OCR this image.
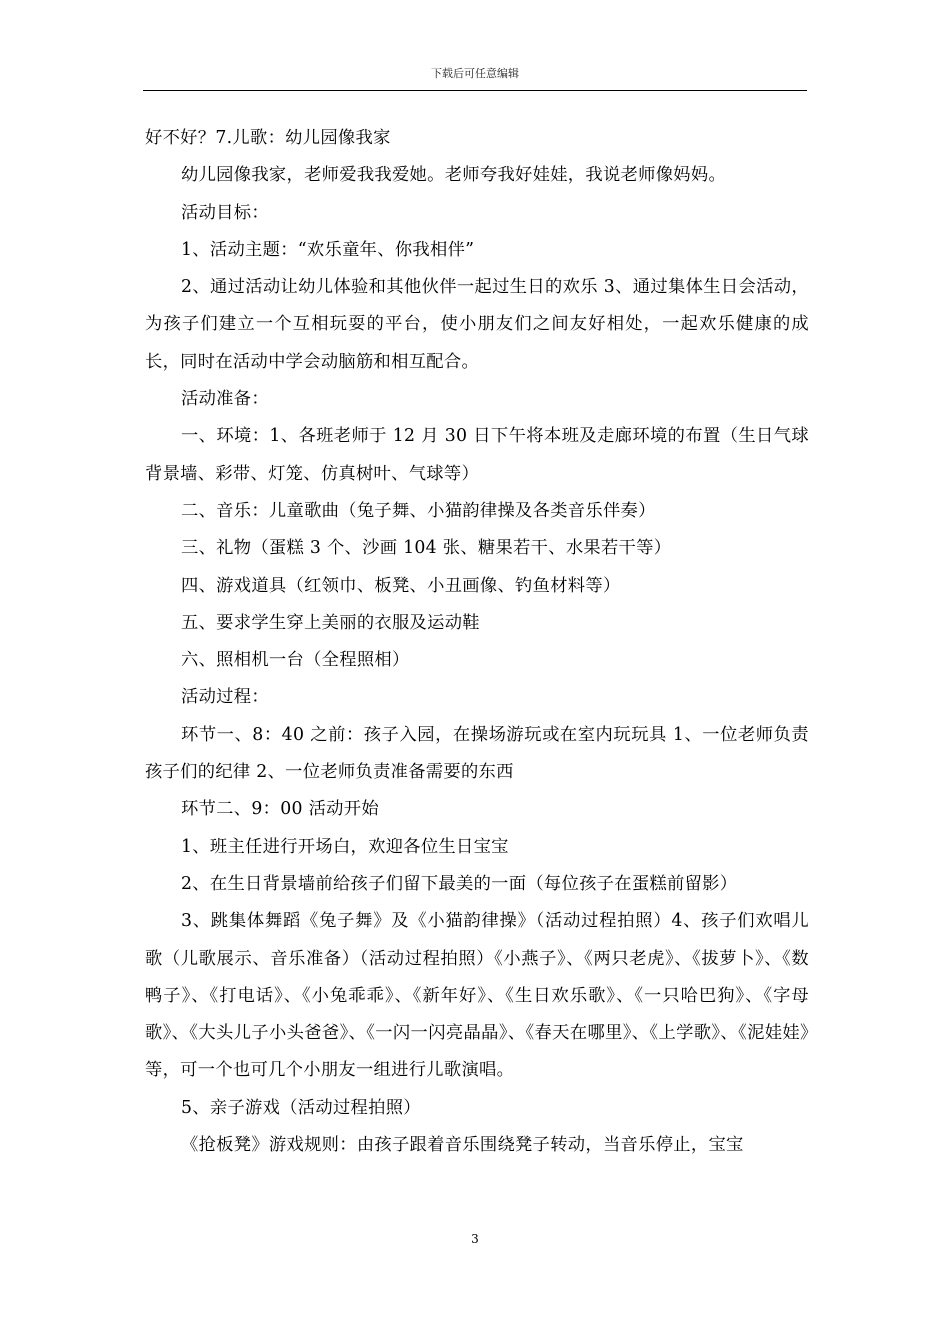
下载后可任意编辑

好不好？7.儿歌：幼儿园像我家

幼儿园像我家，老师爱我我爱她。老师夸我好娃娃，我说老师像妈妈。

活动目标：

1、活动主题：“欢乐童年、你我相伴”

2、通过活动让幼儿体验和其他伙伴一起过生日的欢乐 3、通过集体生日会活动，为孩子们建立一个互相玩耍的平台，使小朋友们之间友好相处，一起欢乐健康的成长，同时在活动中学会动脑筋和相互配合。

活动准备：

一、环境：1、各班老师于 12 月 30 日下午将本班及走廊环境的布置（生日气球背景墙、彩带、灯笼、仿真树叶、气球等）

二、音乐：儿童歌曲（兔子舞、小猫韵律操及各类音乐伴奏）

三、礼物（蛋糕 3 个、沙画 104 张、糖果若干、水果若干等）

四、游戏道具（红领巾、板凳、小丑画像、钓鱼材料等）

五、要求学生穿上美丽的衣服及运动鞋

六、照相机一台（全程照相）

活动过程：

环节一、8：40 之前：孩子入园，在操场游玩或在室内玩玩具 1、一位老师负责孩子们的纪律 2、一位老师负责准备需要的东西

环节二、9：00 活动开始

1、班主任进行开场白，欢迎各位生日宝宝

2、在生日背景墙前给孩子们留下最美的一面（每位孩子在蛋糕前留影）

3、跳集体舞蹈《兔子舞》及《小猫韵律操》（活动过程拍照）4、孩子们欢唱儿歌（儿歌展示、音乐准备）（活动过程拍照）《小燕子》、《两只老虎》、《拔萝卜》、《数鸭子》、《打电话》、《小兔乖乖》、《新年好》、《生日欢乐歌》、《一只哈巴狗》、《字母歌》、《大头儿子小头爸爸》、《一闪一闪亮晶晶》、《春天在哪里》、《上学歌》、《泥娃娃》等，可一个也可几个小朋友一组进行儿歌演唱。

5、亲子游戏（活动过程拍照）

《抢板凳》游戏规则：由孩子跟着音乐围绕凳子转动，当音乐停止，宝宝

3
